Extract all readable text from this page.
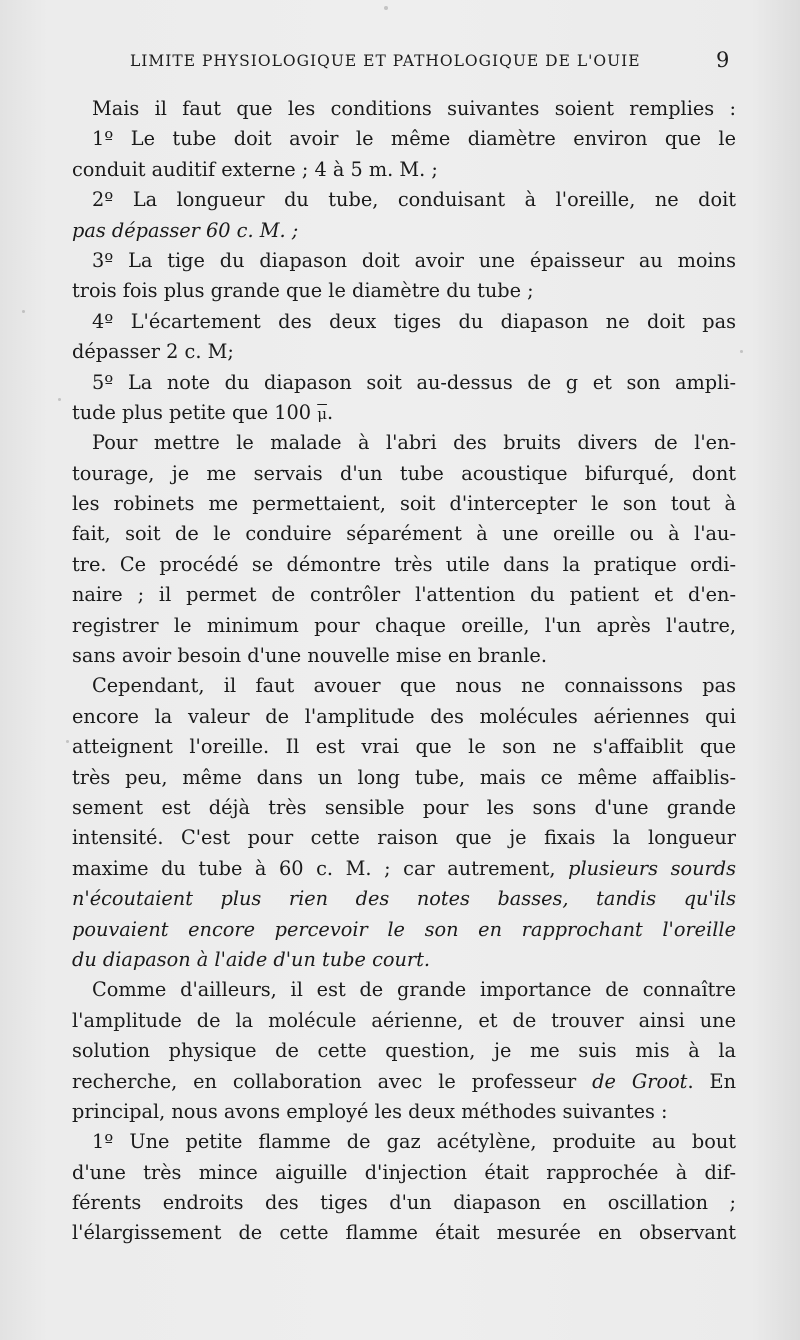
LIMITE PHYSIOLOGIQUE ET PATHOLOGIQUE DE L'OUIE	9
Mais il faut que les conditions suivantes soient remplies :
1º Le tube doit avoir le même diamètre environ que le
conduit auditif externe ; 4 à 5 m. M. ;
2º La longueur du tube, conduisant à l'oreille, ne doit
pas dépasser 60 c. M. ;
3º La tige du diapason doit avoir une épaisseur au moins
trois fois plus grande que le diamètre du tube ;
4º L'écartement des deux tiges du diapason ne doit pas
dépasser 2 c. M;
5º La note du diapason soit au-dessus de g et son ampli-
tude plus petite que 100 $\overline{\mu}$.
Pour mettre le malade à l'abri des bruits divers de l'en-
tourage, je me servais d'un tube acoustique bifurqué, dont
les robinets me permettaient, soit d'intercepter le son tout à
fait, soit de le conduire séparément à une oreille ou à l'au-
tre. Ce procédé se démontre très utile dans la pratique ordi-
naire ; il permet de contrôler l'attention du patient et d'en-
registrer le minimum pour chaque oreille, l'un après l'autre,
sans avoir besoin d'une nouvelle mise en branle.
Cependant, il faut avouer que nous ne connaissons pas
encore la valeur de l'amplitude des molécules aériennes qui
atteignent l'oreille. Il est vrai que le son ne s'affaiblit que
très peu, même dans un long tube, mais ce même affaiblis-
sement est déjà très sensible pour les sons d'une grande
intensité. C'est pour cette raison que je fixais la longueur
maxime du tube à 60 c. M. ; car autrement, plusieurs sourds
n'écoutaient plus rien des notes basses, tandis qu'ils
pouvaient encore percevoir le son en rapprochant l'oreille
du diapason à l'aide d'un tube court.
Comme d'ailleurs, il est de grande importance de connaître
l'amplitude de la molécule aérienne, et de trouver ainsi une
solution physique de cette question, je me suis mis à la
recherche, en collaboration avec le professeur de Groot. En
principal, nous avons employé les deux méthodes suivantes :
1º Une petite flamme de gaz acétylène, produite au bout
d'une très mince aiguille d'injection était rapprochée à dif-
férents endroits des tiges d'un diapason en oscillation ;
l'élargissement de cette flamme était mesurée en observant
